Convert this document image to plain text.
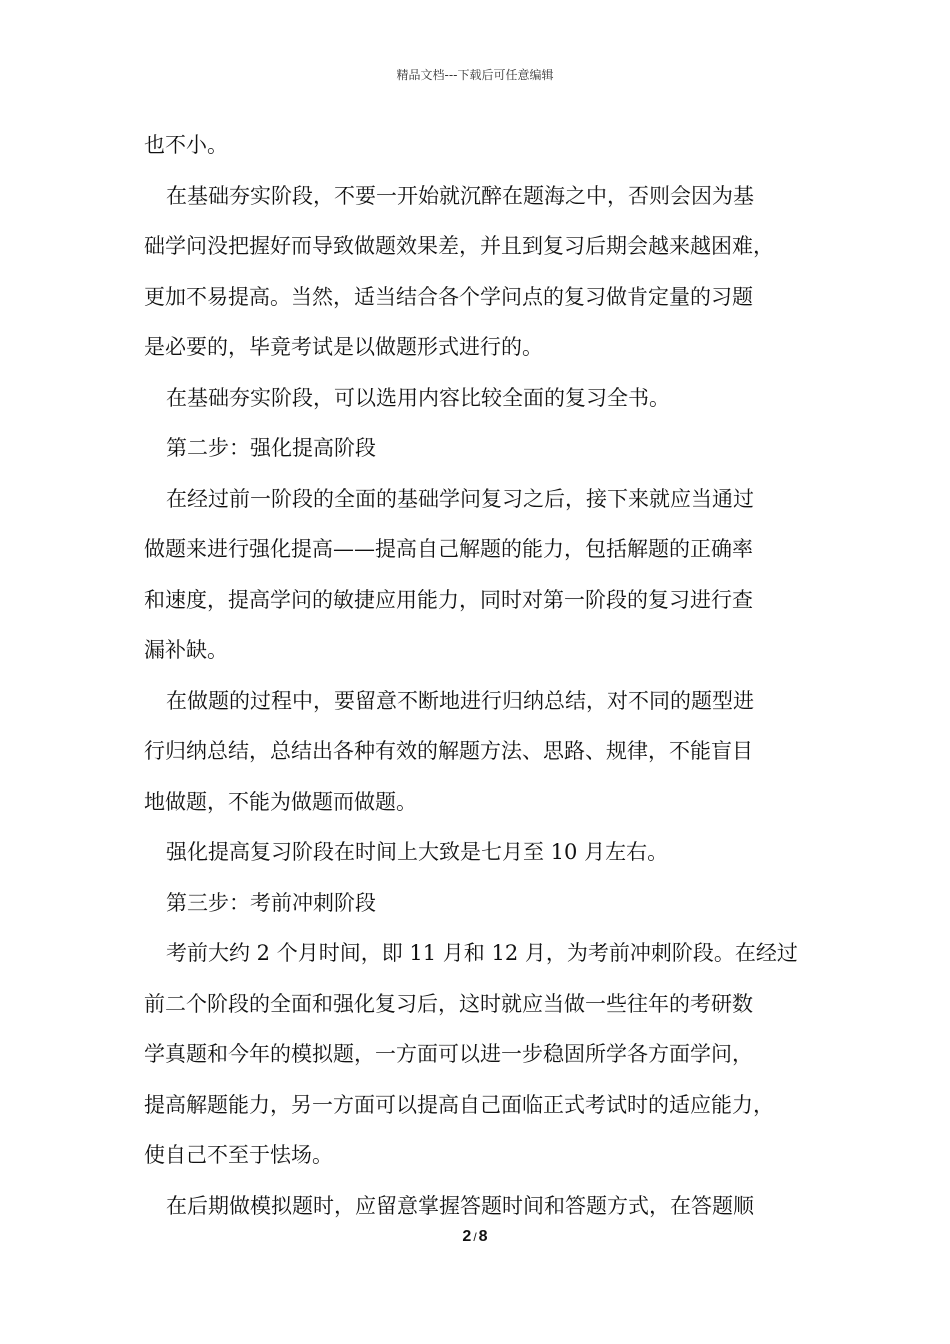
精品文档---下载后可任意编辑
也不小。
在基础夯实阶段，不要一开始就沉醉在题海之中，否则会因为基
础学问没把握好而导致做题效果差，并且到复习后期会越来越困难，
更加不易提高。当然，适当结合各个学问点的复习做肯定量的习题
是必要的，毕竟考试是以做题形式进行的。
在基础夯实阶段，可以选用内容比较全面的复习全书。
第二步：强化提高阶段
在经过前一阶段的全面的基础学问复习之后，接下来就应当通过
做题来进行强化提高——提高自己解题的能力，包括解题的正确率
和速度，提高学问的敏捷应用能力，同时对第一阶段的复习进行查
漏补缺。
在做题的过程中，要留意不断地进行归纳总结，对不同的题型进
行归纳总结，总结出各种有效的解题方法、思路、规律，不能盲目
地做题，不能为做题而做题。
强化提高复习阶段在时间上大致是七月至 10 月左右。
第三步：考前冲刺阶段
考前大约 2 个月时间，即 11 月和 12 月，为考前冲刺阶段。在经过
前二个阶段的全面和强化复习后，这时就应当做一些往年的考研数
学真题和今年的模拟题，一方面可以进一步稳固所学各方面学问，
提高解题能力，另一方面可以提高自己面临正式考试时的适应能力，
使自己不至于怯场。
在后期做模拟题时，应留意掌握答题时间和答题方式，在答题顺
2 / 8
